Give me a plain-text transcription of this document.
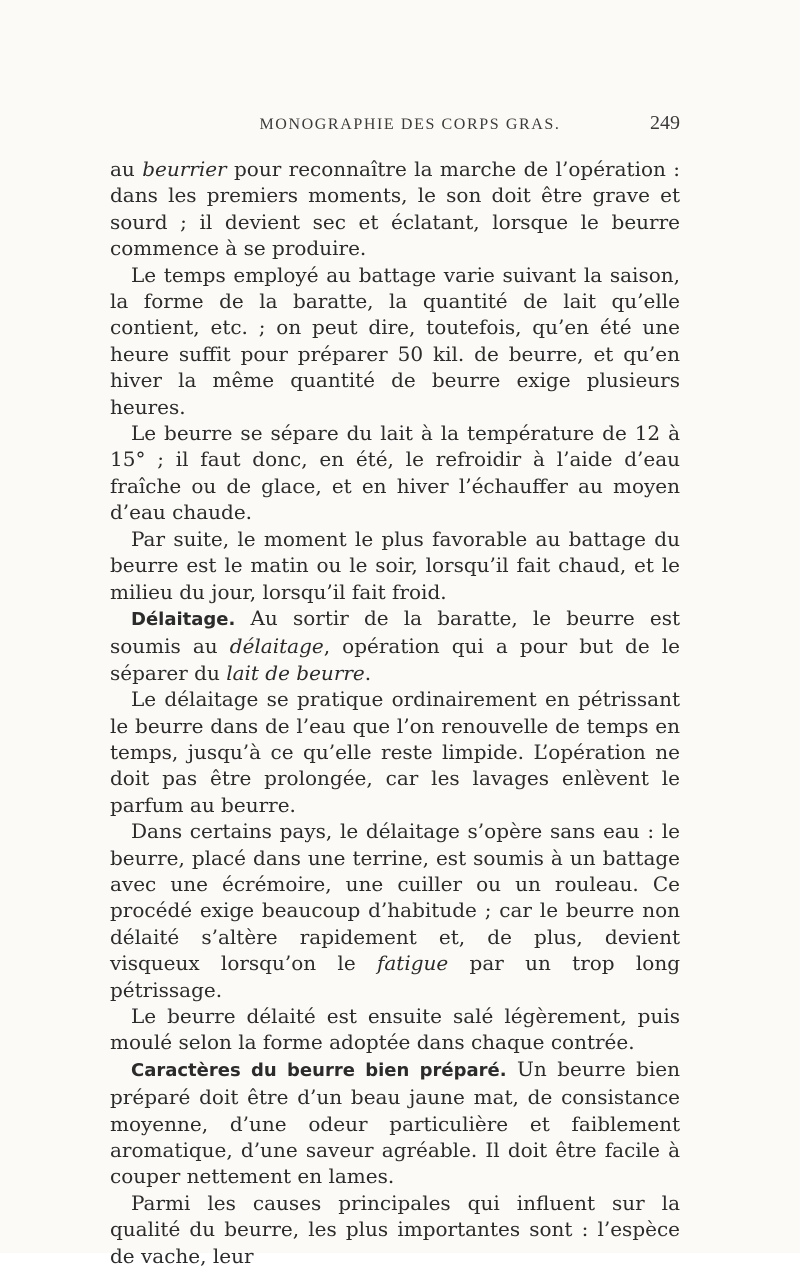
MONOGRAPHIE DES CORPS GRAS.	249

au beurrier pour reconnaître la marche de l’opération : dans les premiers moments, le son doit être grave et sourd ; il devient sec et éclatant, lorsque le beurre commence à se produire.

Le temps employé au battage varie suivant la saison, la forme de la baratte, la quantité de lait qu’elle contient, etc. ; on peut dire, toutefois, qu’en été une heure suffit pour préparer 50 kil. de beurre, et qu’en hiver la même quantité de beurre exige plusieurs heures.

Le beurre se sépare du lait à la température de 12 à 15° ; il faut donc, en été, le refroidir à l’aide d’eau fraîche ou de glace, et en hiver l’échauffer au moyen d’eau chaude.

Par suite, le moment le plus favorable au battage du beurre est le matin ou le soir, lorsqu’il fait chaud, et le milieu du jour, lorsqu’il fait froid.

Délaitage. Au sortir de la baratte, le beurre est soumis au délaitage, opération qui a pour but de le séparer du lait de beurre.

Le délaitage se pratique ordinairement en pétrissant le beurre dans de l’eau que l’on renouvelle de temps en temps, jusqu’à ce qu’elle reste limpide. L’opération ne doit pas être prolongée, car les lavages enlèvent le parfum au beurre.

Dans certains pays, le délaitage s’opère sans eau : le beurre, placé dans une terrine, est soumis à un battage avec une écrémoire, une cuiller ou un rouleau. Ce procédé exige beaucoup d’habitude ; car le beurre non délaité s’altère rapidement et, de plus, devient visqueux lorsqu’on le fatigue par un trop long pétrissage.

Le beurre délaité est ensuite salé légèrement, puis moulé selon la forme adoptée dans chaque contrée.

Caractères du beurre bien préparé. Un beurre bien préparé doit être d’un beau jaune mat, de consistance moyenne, d’une odeur particulière et faiblement aromatique, d’une saveur agréable. Il doit être facile à couper nettement en lames.

Parmi les causes principales qui influent sur la qualité du beurre, les plus importantes sont : l’espèce de vache, leur
